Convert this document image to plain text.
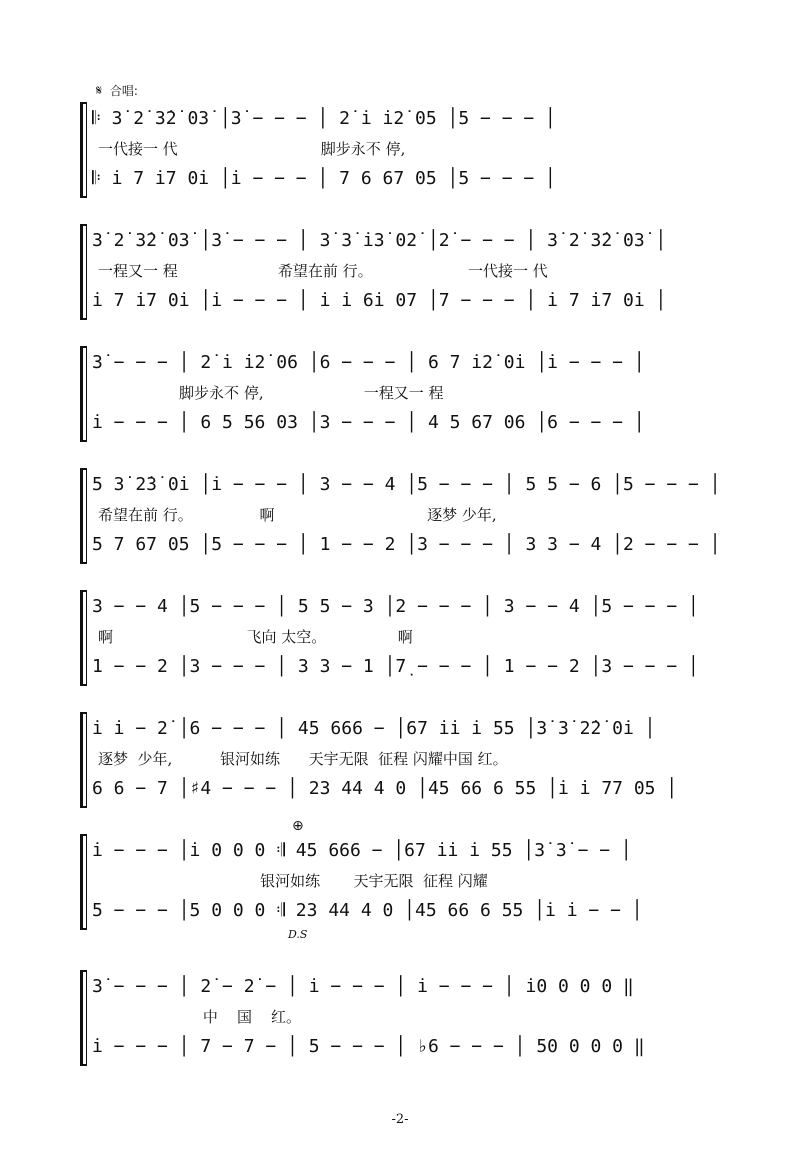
𝄋 合唱:
𝄆 3̇ 2̇ 3̇2̇ 03̇ │3̇ − − − │ 2̇ i̇ i̇2̇ 05 │5 − − − │
一代接一 代                              脚步永不 停,
𝄆 i̇ 7 i̇7 0i̇ │i̇ − − − │ 7 6 67 05 │5 − − − │
3̇ 2̇ 3̇2̇ 03̇ │3̇ − − − │ 3̇ 3̇ i̇3̇ 02̇ │2̇ − − − │ 3̇ 2̇ 3̇2̇ 03̇ │
一程又一 程                     希望在前 行。                    一代接一 代
i̇ 7 i̇7 0i̇ │i̇ − − − │ i̇ i̇ 6i̇ 07 │7 − − − │ i̇ 7 i̇7 0i̇ │
3̇ − − − │ 2̇ i̇ i̇2̇ 06 │6 − − − │ 6 7 i̇2̇ 0i̇ │i̇ − − − │
脚步永不 停,                     一程又一 程
i̇ − − − │ 6 5 56 03 │3 − − − │ 4 5 67 06 │6 − − − │
5 3̇ 2̇3̇ 0i̇ │i̇ − − − │ 3 − − 4 │5 − − − │ 5 5 − 6 │5 − − − │
希望在前 行。              啊                                逐梦 少年,
5 7 67 05 │5 − − − │ 1 − − 2 │3 − − − │ 3 3 − 4 │2 − − − │
3 − − 4 │5 − − − │ 5 5 − 3 │2 − − − │ 3 − − 4 │5 − − − │
啊                            飞向 太空。               啊
1 − − 2 │3 − − − │ 3 3 − 1 │7̣ − − − │ 1 − − 2 │3 − − − │
i̇ i̇ − 2̇ │6 − − − │ 45 666 − │67 i̇i̇ i̇ 55 │3̇ 3̇ 2̇2̇ 0i̇ │
逐梦  少年,          银河如练      天宇无限  征程 闪耀中国 红。
6 6 − 7 │♯4 − − − │ 23 44 4 0 │45 66 6 55 │i̇ i̇ 77 05 │
⊕
i̇ − − − │i̇ 0 0 0 𝄇 45 666 − │67 i̇i̇ i̇ 55 │3̇ 3̇ − − │
银河如练       天宇无限  征程 闪耀
5 − − − │5 0 0 0 𝄇 23 44 4 0 │45 66 6 55 │i̇ i̇ − − │
D.S
3̇ − − − │ 2̇ − 2̇ − │ i̇ − − − │ i̇ − − − │ i̇0 0 0 0 ‖
中    国    红。
i̇ − − − │ 7 − 7 − │ 5 − − − │ ♭6 − − − │ 50 0 0 0 ‖
-2-
